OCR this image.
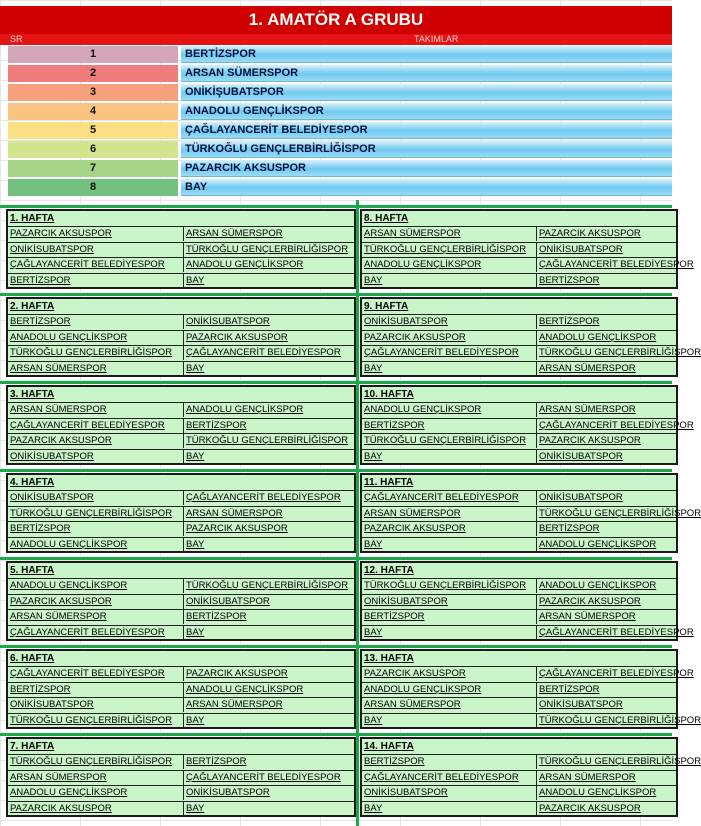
1. AMATÖR A GRUBU
SR	TAKIMLAR
1	BERTİZSPOR
2	ARSAN SÜMERSPOR
3	ONİKİŞUBATSPOR
4	ANADOLU GENÇLİKSPOR
5	ÇAĞLAYANCERİT BELEDİYESPOR
6	TÜRKOĞLU GENÇLERBİRLİĞİSPOR
7	PAZARCIK AKSUSPOR
8	BAY
1. HAFTA
PAZARCIK AKSUSPOR	ARSAN SÜMERSPOR
ONİKİSUBATSPOR	TÜRKOĞLU GENÇLERBİRLİĞİSPOR
ÇAĞLAYANCERİT BELEDİYESPOR	ANADOLU GENÇLİKSPOR
BERTİZSPOR	BAY
2. HAFTA
BERTİZSPOR	ONİKİSUBATSPOR
ANADOLU GENÇLİKSPOR	PAZARCIK AKSUSPOR
TÜRKOĞLU GENÇLERBİRLİĞİSPOR	ÇAĞLAYANCERİT BELEDİYESPOR
ARSAN SÜMERSPOR	BAY
3. HAFTA
ARSAN SÜMERSPOR	ANADOLU GENÇLİKSPOR
ÇAĞLAYANCERİT BELEDİYESPOR	BERTİZSPOR
PAZARCIK AKSUSPOR	TÜRKOĞLU GENÇLERBİRLİĞİSPOR
ONİKİSUBATSPOR	BAY
4. HAFTA
ONİKİSUBATSPOR	ÇAĞLAYANCERİT BELEDİYESPOR
TÜRKOĞLU GENÇLERBİRLİĞİSPOR	ARSAN SÜMERSPOR
BERTİZSPOR	PAZARCIK AKSUSPOR
ANADOLU GENÇLİKSPOR	BAY
5. HAFTA
ANADOLU GENÇLİKSPOR	TÜRKOĞLU GENÇLERBİRLİĞİSPOR
PAZARCIK AKSUSPOR	ONİKİSUBATSPOR
ARSAN SÜMERSPOR	BERTİZSPOR
ÇAĞLAYANCERİT BELEDİYESPOR	BAY
6. HAFTA
ÇAĞLAYANCERİT BELEDİYESPOR	PAZARCIK AKSUSPOR
BERTİZSPOR	ANADOLU GENÇLİKSPOR
ONİKİSUBATSPOR	ARSAN SÜMERSPOR
TÜRKOĞLU GENÇLERBİRLİĞİSPOR	BAY
7. HAFTA
TÜRKOĞLU GENÇLERBİRLİĞİSPOR	BERTİZSPOR
ARSAN SÜMERSPOR	ÇAĞLAYANCERİT BELEDİYESPOR
ANADOLU GENÇLİKSPOR	ONİKİSUBATSPOR
PAZARCIK AKSUSPOR	BAY
8. HAFTA
ARSAN SÜMERSPOR	PAZARCIK AKSUSPOR
TÜRKOĞLU GENÇLERBİRLİĞİSPOR	ONİKİSUBATSPOR
ANADOLU GENÇLİKSPOR	ÇAĞLAYANCERİT BELEDİYESPOR
BAY	BERTİZSPOR
9. HAFTA
ONİKİSUBATSPOR	BERTİZSPOR
PAZARCIK AKSUSPOR	ANADOLU GENÇLİKSPOR
ÇAĞLAYANCERİT BELEDİYESPOR	TÜRKOĞLU GENÇLERBİRLİĞİSPOR
BAY	ARSAN SÜMERSPOR
10. HAFTA
ANADOLU GENÇLİKSPOR	ARSAN SÜMERSPOR
BERTİZSPOR	ÇAĞLAYANCERİT BELEDİYESPOR
TÜRKOĞLU GENÇLERBİRLİĞİSPOR	PAZARCIK AKSUSPOR
BAY	ONİKİSUBATSPOR
11. HAFTA
ÇAĞLAYANCERİT BELEDİYESPOR	ONİKİSUBATSPOR
ARSAN SÜMERSPOR	TÜRKOĞLU GENÇLERBİRLİĞİSPOR
PAZARCIK AKSUSPOR	BERTİZSPOR
BAY	ANADOLU GENÇLİKSPOR
12. HAFTA
TÜRKOĞLU GENÇLERBİRLİĞİSPOR	ANADOLU GENÇLİKSPOR
ONİKİSUBATSPOR	PAZARCIK AKSUSPOR
BERTİZSPOR	ARSAN SÜMERSPOR
BAY	ÇAĞLAYANCERİT BELEDİYESPOR
13. HAFTA
PAZARCIK AKSUSPOR	ÇAĞLAYANCERİT BELEDİYESPOR
ANADOLU GENÇLİKSPOR	BERTİZSPOR
ARSAN SÜMERSPOR	ONİKİSUBATSPOR
BAY	TÜRKOĞLU GENÇLERBİRLİĞİSPOR
14. HAFTA
BERTİZSPOR	TÜRKOĞLU GENÇLERBİRLİĞİSPOR
ÇAĞLAYANCERİT BELEDİYESPOR	ARSAN SÜMERSPOR
ONİKİSUBATSPOR	ANADOLU GENÇLİKSPOR
BAY	PAZARCIK AKSUSPOR
